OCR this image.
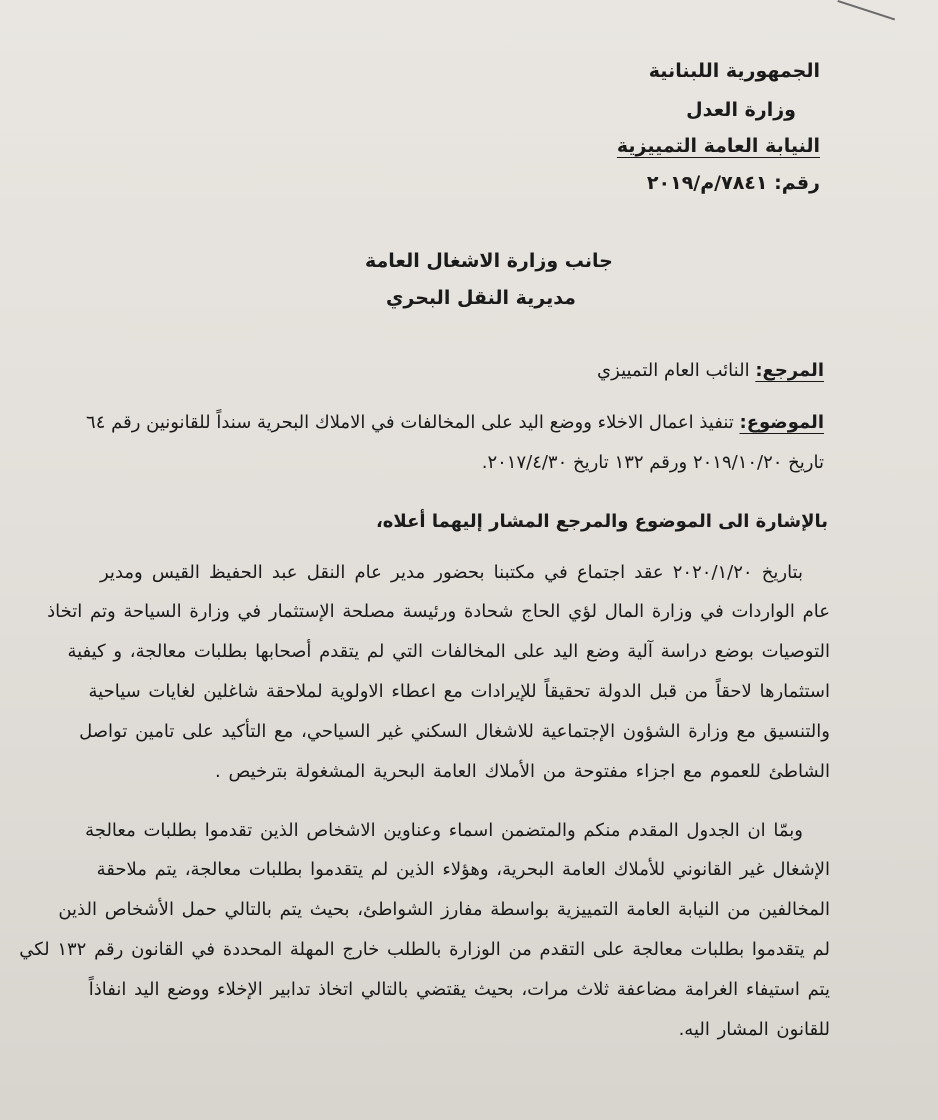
الجمهورية اللبنانية
وزارة العدل
النيابة العامة التمييزية
رقم: ٧٨٤١/م/٢٠١٩
جانب وزارة الاشغال العامة
مديرية النقل البحري
المرجع: النائب العام التمييزي
الموضوع: تنفيذ اعمال الاخلاء ووضع اليد على المخالفات في الاملاك البحرية سنداً للقانونين رقم ٦٤
تاريخ ٢٠١٩/١٠/٢٠ ورقم ١٣٢ تاريخ ٢٠١٧/٤/٣٠.
بالإشارة الى الموضوع والمرجع المشار إليهما أعلاه،
بتاريخ ٢٠٢٠/١/٢٠ عقد اجتماع في مكتبنا بحضور مدير عام النقل عبد الحفيظ القيس ومدير
عام الواردات في وزارة المال لؤي الحاج شحادة ورئيسة مصلحة الإستثمار في وزارة السياحة وتم اتخاذ
التوصيات بوضع دراسة آلية وضع اليد على المخالفات التي لم يتقدم أصحابها بطلبات معالجة، و كيفية
استثمارها لاحقاً من قبل الدولة تحقيقاً للإيرادات مع اعطاء الاولوية لملاحقة شاغلين لغايات سياحية
والتنسيق مع وزارة الشؤون الإجتماعية للاشغال السكني غير السياحي، مع التأكيد على تامين تواصل
الشاطئ للعموم مع اجزاء مفتوحة من الأملاك العامة البحرية المشغولة بترخيص .
وبمّا ان الجدول المقدم منكم والمتضمن اسماء وعناوين الاشخاص الذين تقدموا بطلبات معالجة
الإشغال غير القانوني للأملاك العامة البحرية، وهؤلاء الذين لم يتقدموا بطلبات معالجة، يتم ملاحقة
المخالفين من النيابة العامة التمييزية بواسطة مفارز الشواطئ، بحيث يتم بالتالي حمل الأشخاص الذين
لم يتقدموا بطلبات معالجة على التقدم من الوزارة بالطلب خارج المهلة المحددة في القانون رقم ١٣٢ لكي
يتم استيفاء الغرامة مضاعفة ثلاث مرات، بحيث يقتضي بالتالي اتخاذ تدابير الإخلاء ووضع اليد انفاذاً
للقانون المشار اليه.
